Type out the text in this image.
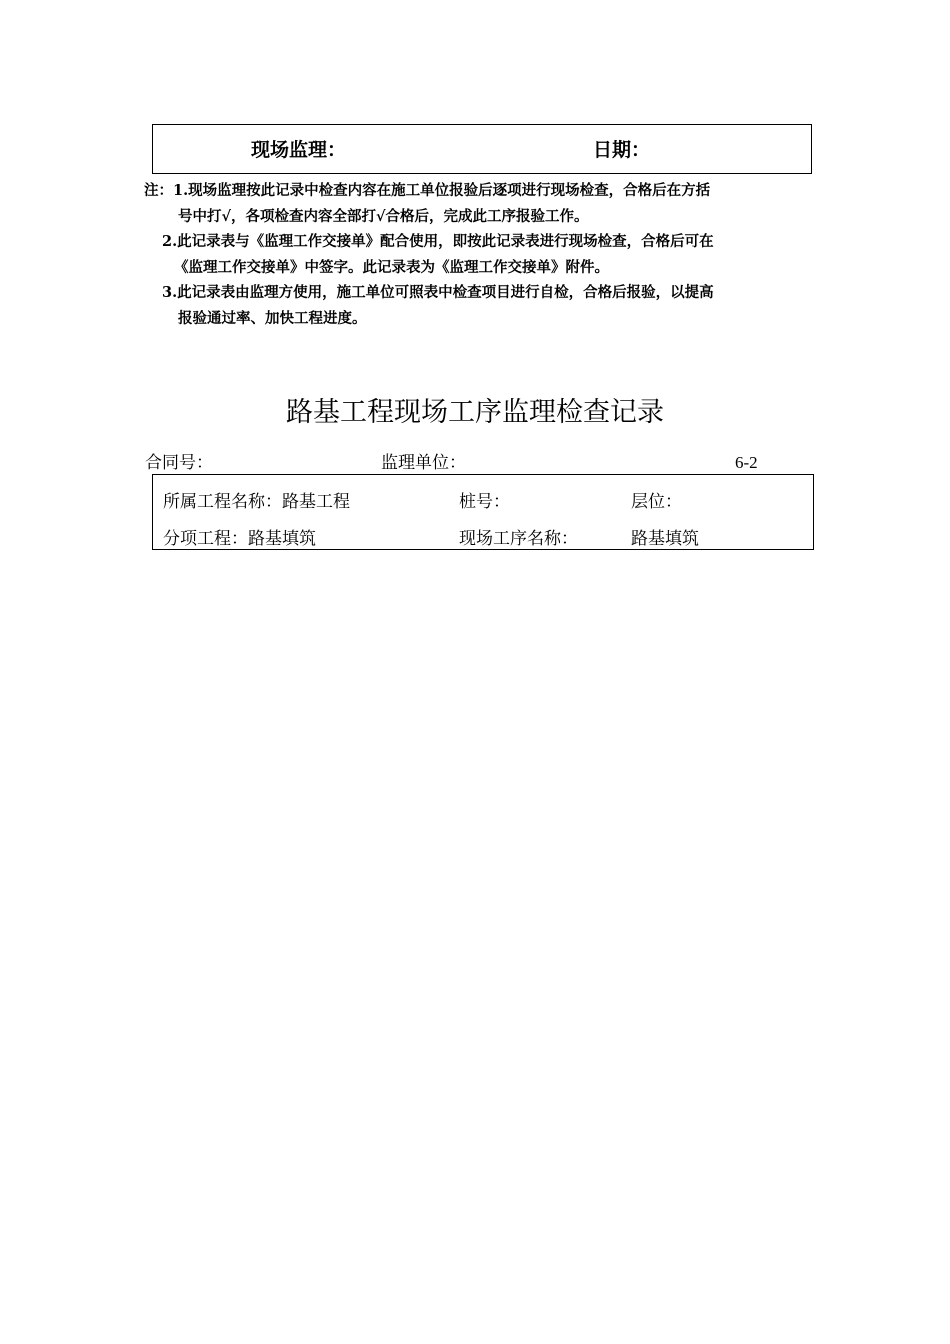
现场监理：	日期：

注：1.现场监理按此记录中检查内容在施工单位报验后逐项进行现场检查，合格后在方括
号中打√，各项检查内容全部打√合格后，完成此工序报验工作。

2.此记录表与《监理工作交接单》配合使用，即按此记录表进行现场检查，合格后可在
《监理工作交接单》中签字。此记录表为《监理工作交接单》附件。

3.此记录表由监理方使用，施工单位可照表中检查项目进行自检，合格后报验，以提高
报验通过率、加快工程进度。

路基工程现场工序监理检查记录
合同号：	监理单位：	6-2
所属工程名称：路基工程	桩号：	层位：
分项工程：路基填筑	现场工序名称：	路基填筑
